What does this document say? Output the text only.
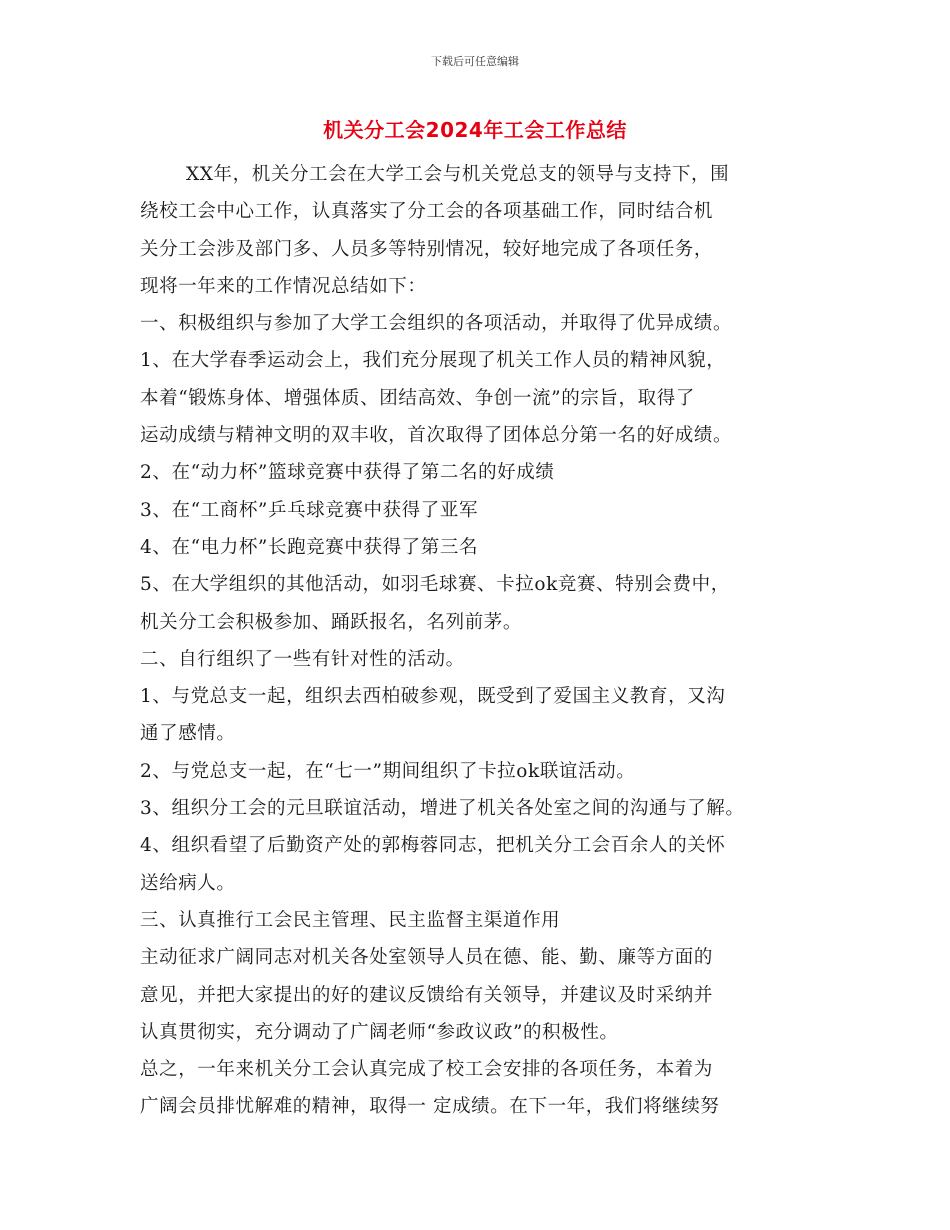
下载后可任意编辑
机关分工会2024年工会工作总结
XX年，机关分工会在大学工会与机关党总支的领导与支持下，围
绕校工会中心工作，认真落实了分工会的各项基础工作，同时结合机
关分工会涉及部门多、人员多等特别情况，较好地完成了各项任务，
现将一年来的工作情况总结如下：
一、积极组织与参加了大学工会组织的各项活动，并取得了优异成绩。
1、在大学春季运动会上，我们充分展现了机关工作人员的精神风貌，
本着“锻炼身体、增强体质、团结高效、争创一流”的宗旨，取得了
运动成绩与精神文明的双丰收，首次取得了团体总分第一名的好成绩。
2、在“动力杯”篮球竞赛中获得了第二名的好成绩
3、在“工商杯”乒乓球竞赛中获得了亚军
4、在“电力杯”长跑竞赛中获得了第三名
5、在大学组织的其他活动，如羽毛球赛、卡拉ok竞赛、特别会费中，
机关分工会积极参加、踊跃报名，名列前茅。
二、自行组织了一些有针对性的活动。
1、与党总支一起，组织去西柏破参观，既受到了爱国主义教育，又沟
通了感情。
2、与党总支一起，在“七一”期间组织了卡拉ok联谊活动。
3、组织分工会的元旦联谊活动，增进了机关各处室之间的沟通与了解。
4、组织看望了后勤资产处的郭梅蓉同志，把机关分工会百余人的关怀
送给病人。
三、认真推行工会民主管理、民主监督主渠道作用
主动征求广阔同志对机关各处室领导人员在德、能、勤、廉等方面的
意见，并把大家提出的好的建议反馈给有关领导，并建议及时采纳并
认真贯彻实，充分调动了广阔老师“参政议政”的积极性。
总之，一年来机关分工会认真完成了校工会安排的各项任务，本着为
广阔会员排忧解难的精神，取得一 定成绩。在下一年，我们将继续努
